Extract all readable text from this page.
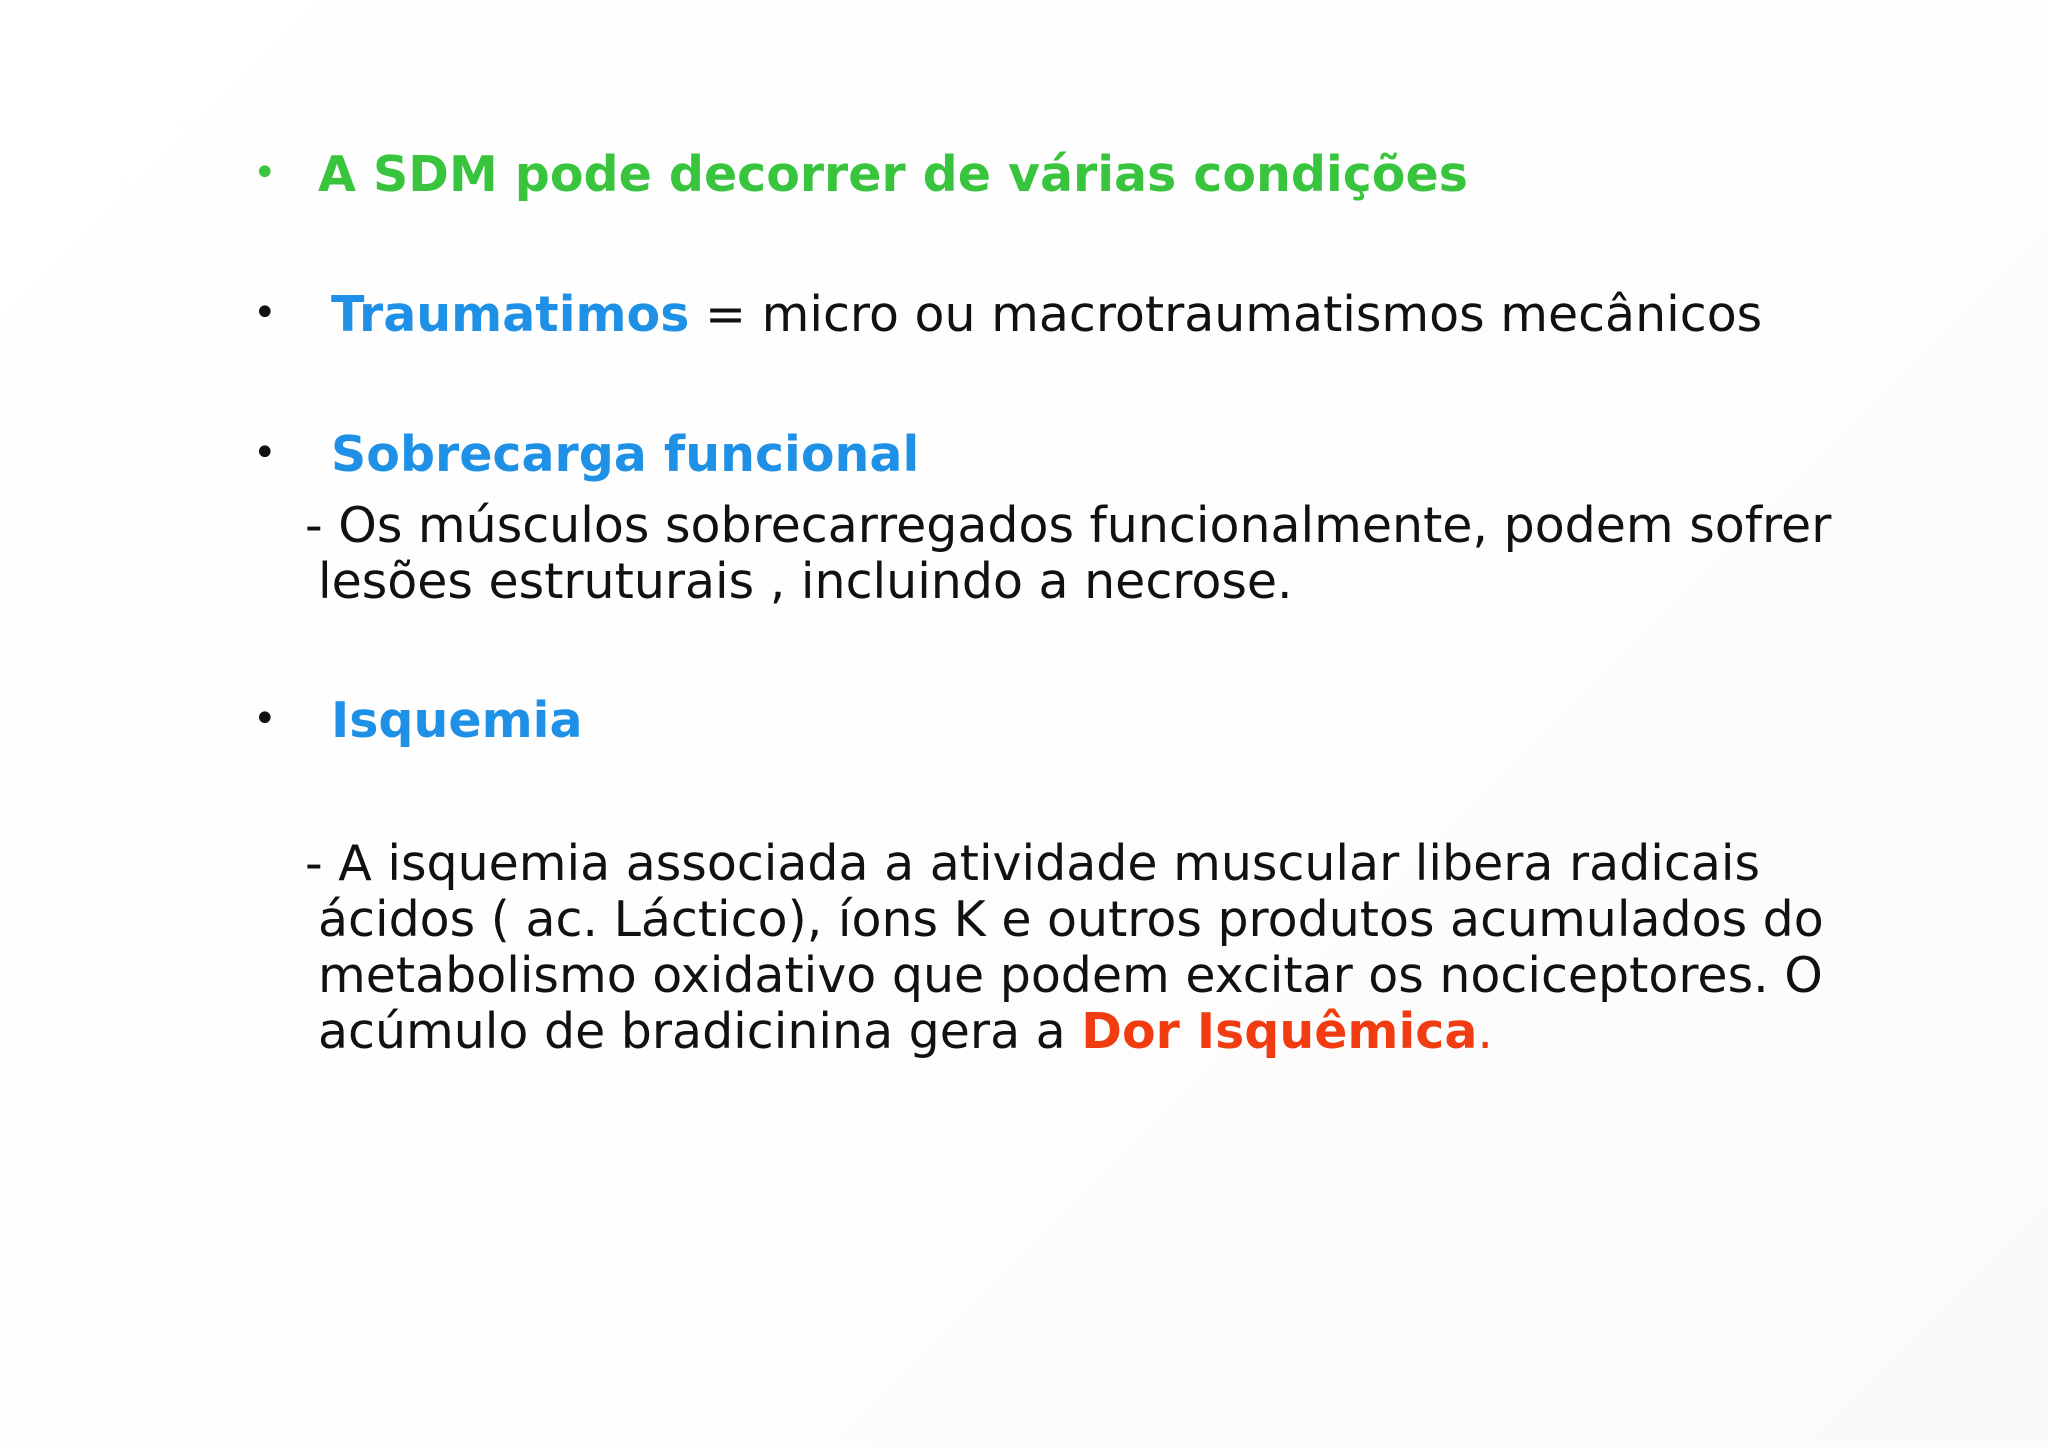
• A SDM pode decorrer de várias condições
• Traumatimos = micro ou macrotraumatismos mecânicos
• Sobrecarga funcional
- Os músculos sobrecarregados funcionalmente, podem sofrer
lesões estruturais , incluindo a necrose.
• Isquemia
- A isquemia associada a atividade muscular libera radicais
ácidos ( ac. Láctico), íons K e outros produtos acumulados do
metabolismo oxidativo que podem excitar os nociceptores. O
acúmulo de bradicinina gera a Dor Isquêmica.
